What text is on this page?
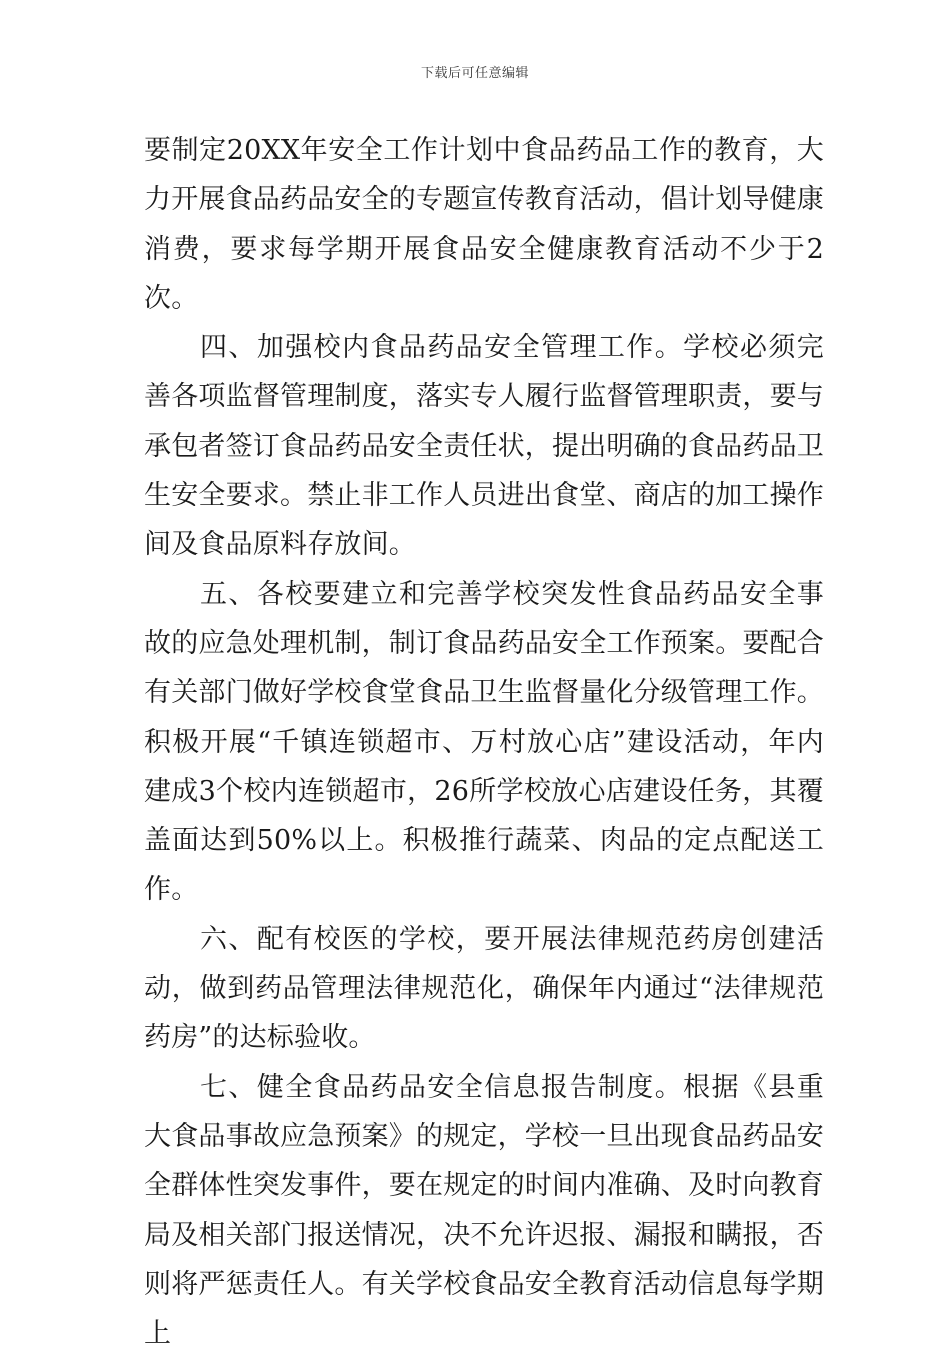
下载后可任意编辑

要制定20XX年安全工作计划中食品药品工作的教育，大力开展食品药品安全的专题宣传教育活动，倡计划导健康消费，要求每学期开展食品安全健康教育活动不少于2次。

四、加强校内食品药品安全管理工作。学校必须完善各项监督管理制度，落实专人履行监督管理职责，要与承包者签订食品药品安全责任状，提出明确的食品药品卫生安全要求。禁止非工作人员进出食堂、商店的加工操作间及食品原料存放间。

五、各校要建立和完善学校突发性食品药品安全事故的应急处理机制，制订食品药品安全工作预案。要配合有关部门做好学校食堂食品卫生监督量化分级管理工作。积极开展“千镇连锁超市、万村放心店”建设活动，年内建成3个校内连锁超市，26所学校放心店建设任务，其覆盖面达到50%以上。积极推行蔬菜、肉品的定点配送工作。

六、配有校医的学校，要开展法律规范药房创建活动，做到药品管理法律规范化，确保年内通过“法律规范药房”的达标验收。

七、健全食品药品安全信息报告制度。根据《县重大食品事故应急预案》的规定，学校一旦出现食品药品安全群体性突发事件，要在规定的时间内准确、及时向教育局及相关部门报送情况，决不允许迟报、漏报和瞒报，否则将严惩责任人。有关学校食品安全教育活动信息每学期上
